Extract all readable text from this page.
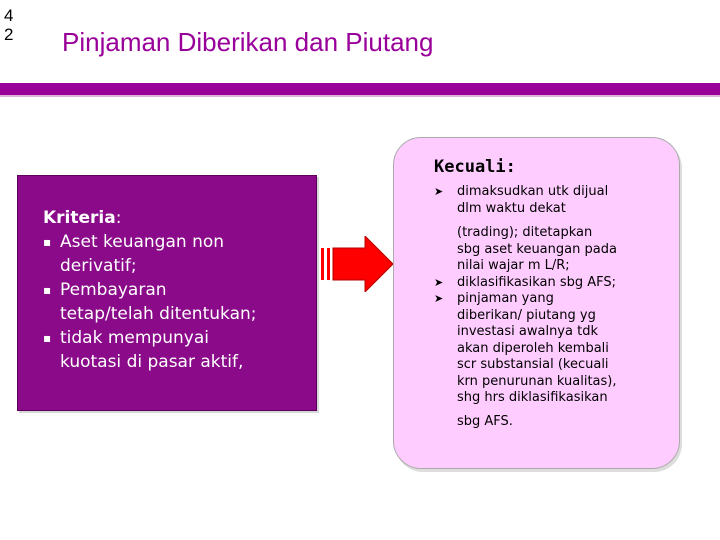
4
2 Pinjaman Diberikan dan Piutang
Kriteria:
▪ Aset keuangan non
derivatif;
▪ Pembayaran
tetap/telah ditentukan;
▪ tidak mempunyai
kuotasi di pasar aktif,
Kecuali:
➤ dimaksudkan utk dijual
dlm waktu dekat
(trading); ditetapkan
sbg aset keuangan pada
nilai wajar m L/R;
➤ diklasifikasikan sbg AFS;
➤ pinjaman yang
diberikan/ piutang yg
investasi awalnya tdk
akan diperoleh kembali
scr substansial (kecuali
krn penurunan kualitas),
shg hrs diklasifikasikan
sbg AFS.
